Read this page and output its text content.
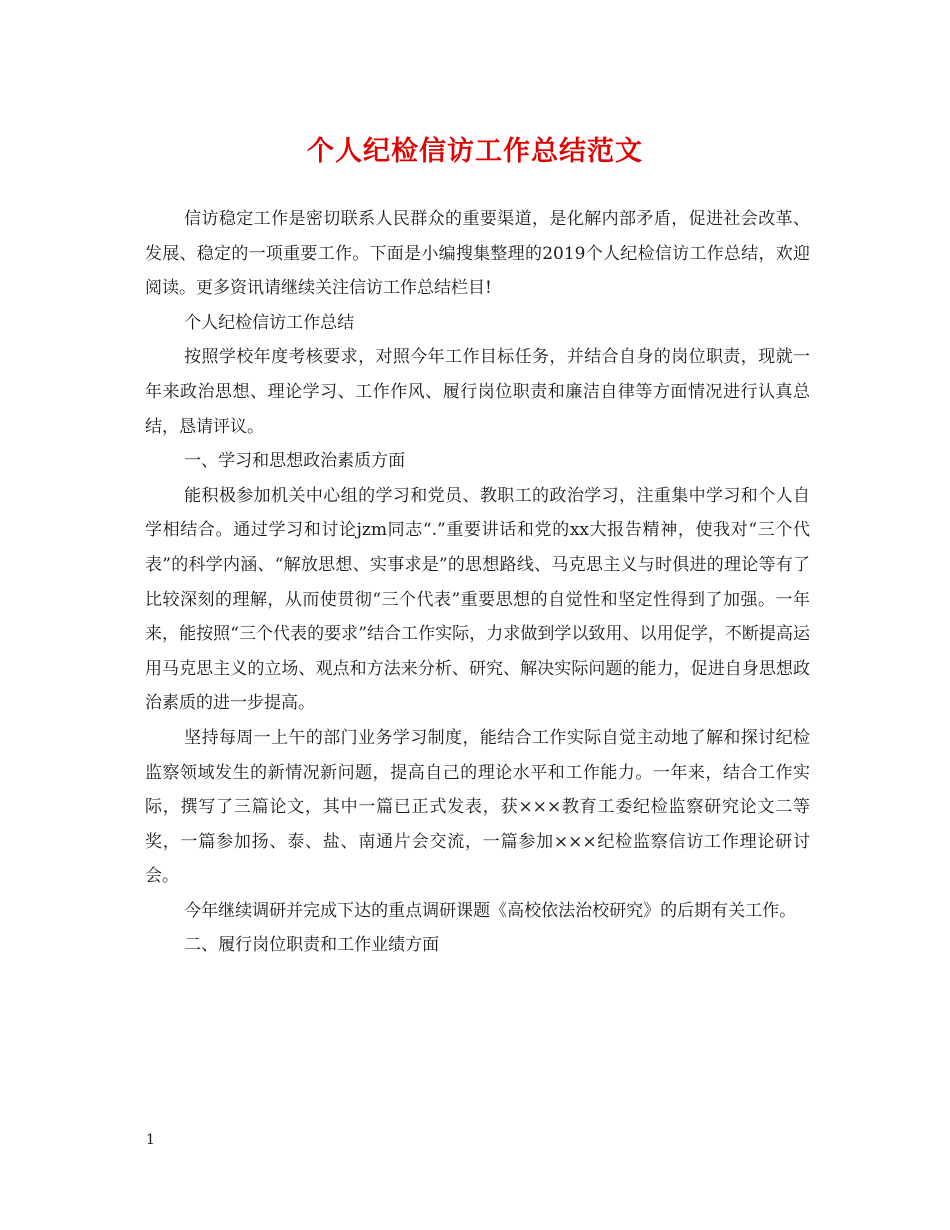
个人纪检信访工作总结范文

信访稳定工作是密切联系人民群众的重要渠道，是化解内部矛盾，促进社会改革、发展、稳定的一项重要工作。下面是小编搜集整理的2019个人纪检信访工作总结，欢迎阅读。更多资讯请继续关注信访工作总结栏目!

个人纪检信访工作总结

按照学校年度考核要求，对照今年工作目标任务，并结合自身的岗位职责，现就一年来政治思想、理论学习、工作作风、履行岗位职责和廉洁自律等方面情况进行认真总结，恳请评议。

一、学习和思想政治素质方面

能积极参加机关中心组的学习和党员、教职工的政治学习，注重集中学习和个人自学相结合。通过学习和讨论jzm同志“.”重要讲话和党的xx大报告精神，使我对“三个代表”的科学内涵、“解放思想、实事求是”的思想路线、马克思主义与时俱进的理论等有了比较深刻的理解，从而使贯彻“三个代表”重要思想的自觉性和坚定性得到了加强。一年来，能按照“三个代表的要求”结合工作实际，力求做到学以致用、以用促学，不断提高运用马克思主义的立场、观点和方法来分析、研究、解决实际问题的能力，促进自身思想政治素质的进一步提高。

坚持每周一上午的部门业务学习制度，能结合工作实际自觉主动地了解和探讨纪检监察领域发生的新情况新问题，提高自己的理论水平和工作能力。一年来，结合工作实际，撰写了三篇论文，其中一篇已正式发表，获×××教育工委纪检监察研究论文二等奖，一篇参加扬、泰、盐、南通片会交流，一篇参加×××纪检监察信访工作理论研讨会。

今年继续调研并完成下达的重点调研课题《高校依法治校研究》的后期有关工作。

二、履行岗位职责和工作业绩方面

1
